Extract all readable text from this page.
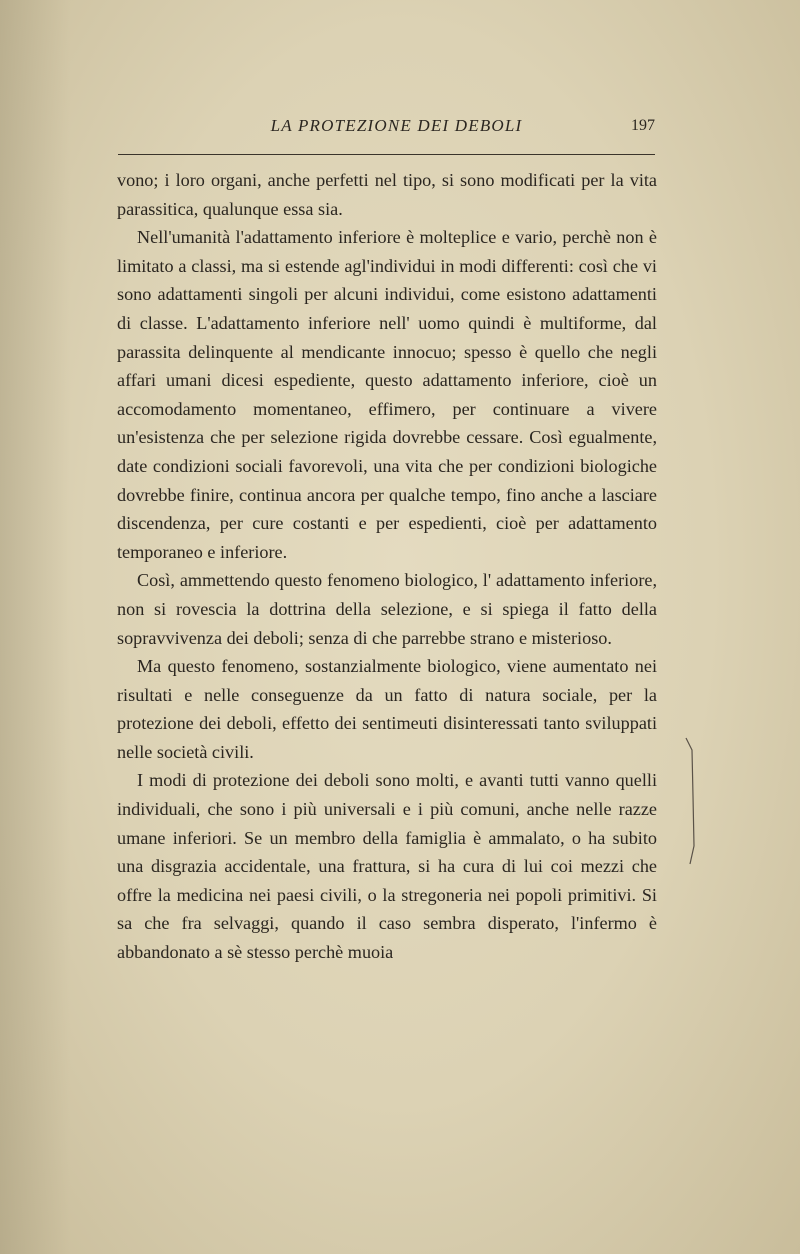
LA PROTEZIONE DEI DEBOLI	197

vono; i loro organi, anche perfetti nel tipo, si sono modificati per la vita parassitica, qualunque essa sia.

Nell'umanità l'adattamento inferiore è molteplice e vario, perchè non è limitato a classi, ma si estende agl'individui in modi differenti: così che vi sono adattamenti singoli per alcuni individui, come esistono adattamenti di classe. L'adattamento inferiore nell' uomo quindi è multiforme, dal parassita delinquente al mendicante innocuo; spesso è quello che negli affari umani dicesi espediente, questo adattamento inferiore, cioè un accomodamento momentaneo, effimero, per continuare a vivere un'esistenza che per selezione rigida dovrebbe cessare. Così egualmente, date condizioni sociali favorevoli, una vita che per condizioni biologiche dovrebbe finire, continua ancora per qualche tempo, fino anche a lasciare discendenza, per cure costanti e per espedienti, cioè per adattamento temporaneo e inferiore.

Così, ammettendo questo fenomeno biologico, l' adattamento inferiore, non si rovescia la dottrina della selezione, e si spiega il fatto della sopravvivenza dei deboli; senza di che parrebbe strano e misterioso.

Ma questo fenomeno, sostanzialmente biologico, viene aumentato nei risultati e nelle conseguenze da un fatto di natura sociale, per la protezione dei deboli, effetto dei sentimeuti disinteressati tanto sviluppati nelle società civili.

I modi di protezione dei deboli sono molti, e avanti tutti vanno quelli individuali, che sono i più universali e i più comuni, anche nelle razze umane inferiori. Se un membro della famiglia è ammalato, o ha subito una disgrazia accidentale, una frattura, si ha cura di lui coi mezzi che offre la medicina nei paesi civili, o la stregoneria nei popoli primitivi. Si sa che fra selvaggi, quando il caso sembra disperato, l'infermo è abbandonato a sè stesso perchè muoia
